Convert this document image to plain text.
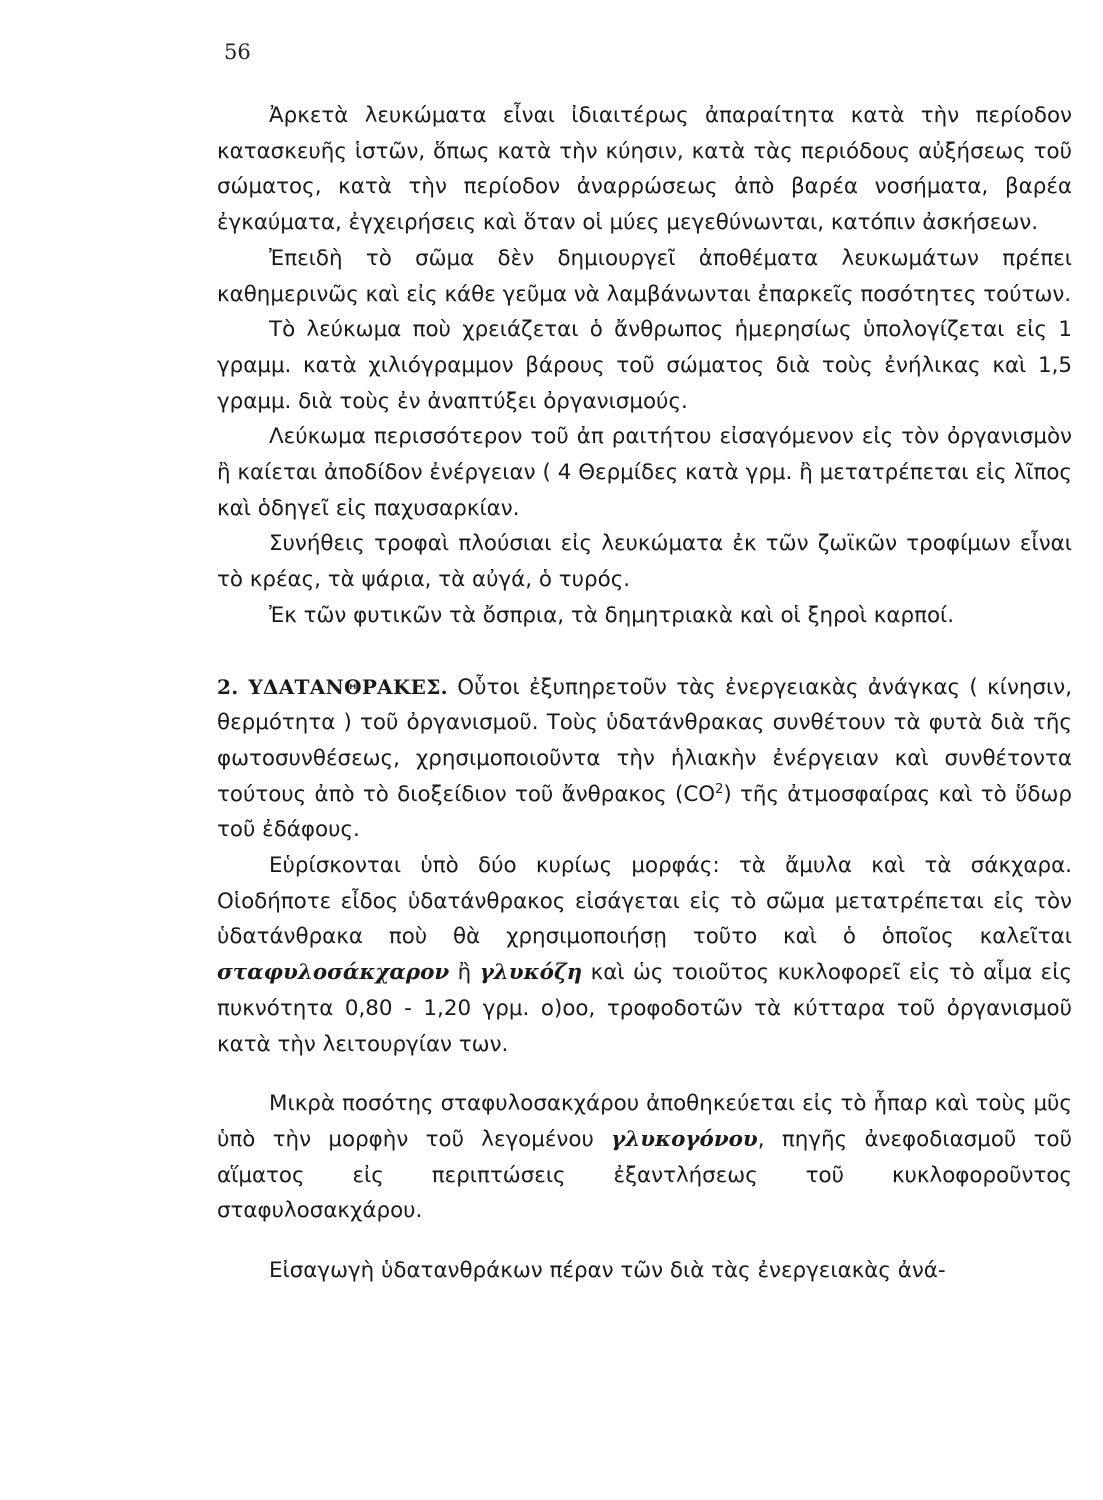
56

Ἀρκετὰ λευκώματα εἶναι ἰδιαιτέρως ἀπαραίτητα κατὰ τὴν περίοδον κατασκευῆς ἱστῶν, ὅπως κατὰ τὴν κύησιν, κατὰ τὰς περιόδους αὐξήσεως τοῦ σώματος, κατὰ τὴν περίοδον ἀναρρώσεως ἀπὸ βαρέα νοσήματα, βαρέα ἐγκαύματα, ἐγχειρήσεις καὶ ὅταν οἱ μύες μεγεθύνωνται, κατόπιν ἀσκήσεων.

Ἐπειδὴ τὸ σῶμα δὲν δημιουργεῖ ἀποθέματα λευκωμάτων πρέπει καθημερινῶς καὶ εἰς κάθε γεῦμα νὰ λαμβάνωνται ἐπαρκεῖς ποσότητες τούτων.

Τὸ λεύκωμα ποὺ χρειάζεται ὁ ἄνθρωπος ἡμερησίως ὑπολογίζεται εἰς 1 γραμμ. κατὰ χιλιόγραμμον βάρους τοῦ σώματος διὰ τοὺς ἐνήλικας καὶ 1,5 γραμμ. διὰ τοὺς ἐν ἀναπτύξει ὀργανισμούς.

Λεύκωμα περισσότερον τοῦ ἀπ ραιτήτου εἰσαγόμενον εἰς τὸν ὀργανισμὸν ἢ καίεται ἀποδίδον ἐνέργειαν ( 4 Θερμίδες κατὰ γρμ. ἢ μετατρέπεται εἰς λῖπος καὶ ὁδηγεῖ εἰς παχυσαρκίαν.

Συνήθεις τροφαὶ πλούσιαι εἰς λευκώματα ἐκ τῶν ζωϊκῶν τροφίμων εἶναι τὸ κρέας, τὰ ψάρια, τὰ αὐγά, ὁ τυρός.

Ἐκ τῶν φυτικῶν τὰ ὄσπρια, τὰ δημητριακὰ καὶ οἱ ξηροὶ καρποί.

2. ΥΔΑΤΑΝΘΡΑΚΕΣ. Οὗτοι ἐξυπηρετοῦν τὰς ἐνεργειακὰς ἀνάγκας ( κίνησιν, θερμότητα ) τοῦ ὀργανισμοῦ. Τοὺς ὑδατάνθρακας συνθέτουν τὰ φυτὰ διὰ τῆς φωτοσυνθέσεως, χρησιμοποιοῦντα τὴν ἡλιακὴν ἐνέργειαν καὶ συνθέτοντα τούτους ἀπὸ τὸ διοξείδιον τοῦ ἄνθρακος $(CO^2)$ τῆς ἀτμοσφαίρας καὶ τὸ ὕδωρ τοῦ ἐδάφους.

Εὑρίσκονται ὑπὸ δύο κυρίως μορφάς: τὰ ἄμυλα καὶ τὰ σάκχαρα. Οἱοδήποτε εἶδος ὑδατάνθρακος εἰσάγεται εἰς τὸ σῶμα μετατρέπεται εἰς τὸν ὑδατάνθρακα ποὺ θὰ χρησιμοποιήσῃ τοῦτο καὶ ὁ ὁποῖος καλεῖται σταφυλοσάκχαρον ἢ γλυκόζη καὶ ὡς τοιοῦτος κυκλοφορεῖ εἰς τὸ αἷμα εἰς πυκνότητα 0,80 - 1,20 γρμ. ο)οο, τροφοδοτῶν τὰ κύτταρα τοῦ ὀργανισμοῦ κατὰ τὴν λειτουργίαν των.

Μικρὰ ποσότης σταφυλοσακχάρου ἀποθηκεύεται εἰς τὸ ἧπαρ καὶ τοὺς μῦς ὑπὸ τὴν μορφὴν τοῦ λεγομένου γλυκογόνου, πηγῆς ἀνεφοδιασμοῦ τοῦ αἵματος εἰς περιπτώσεις ἐξαντλήσεως τοῦ κυκλοφοροῦντος σταφυλοσακχάρου.

Εἰσαγωγὴ ὑδατανθράκων πέραν τῶν διὰ τὰς ἐνεργειακὰς ἀνά-
